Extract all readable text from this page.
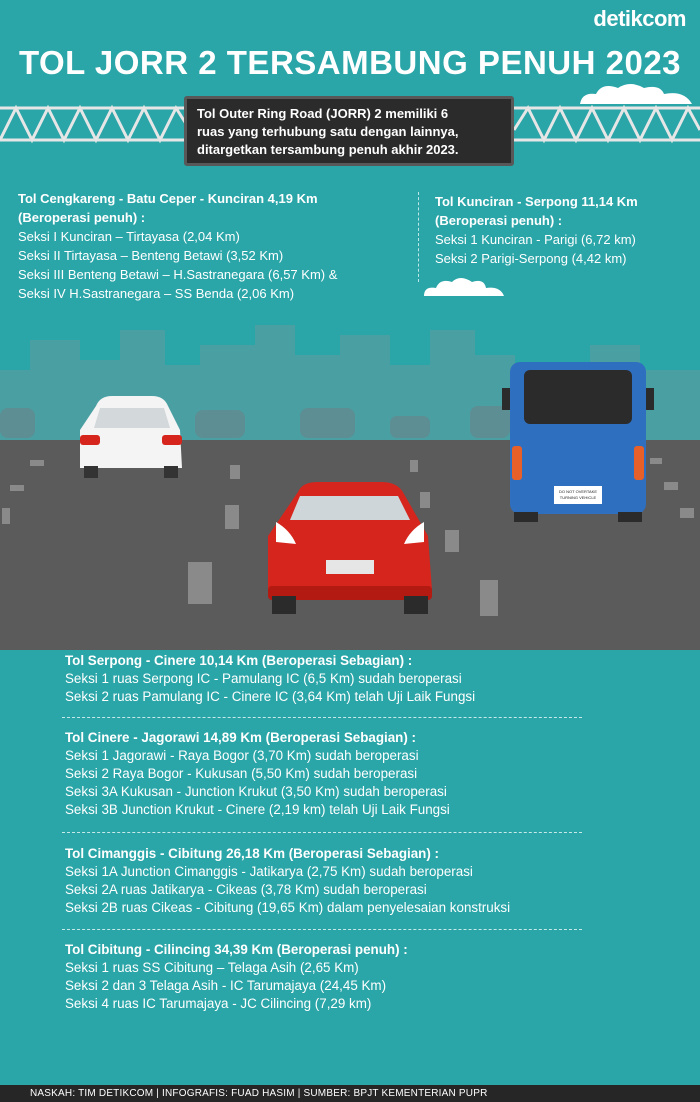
detikcom
TOL JORR 2 TERSAMBUNG PENUH 2023
Tol Outer Ring Road (JORR) 2 memiliki 6
ruas yang terhubung satu dengan lainnya,
ditargetkan tersambung penuh akhir 2023.
Tol Cengkareng - Batu Ceper - Kunciran 4,19 Km
(Beroperasi penuh) :
Seksi I Kunciran – Tirtayasa (2,04 Km)
Seksi II Tirtayasa – Benteng Betawi (3,52 Km)
Seksi III Benteng Betawi – H.Sastranegara (6,57 Km) &
Seksi IV H.Sastranegara – SS Benda (2,06 Km)
Tol Kunciran - Serpong 11,14 Km
(Beroperasi penuh) :
Seksi 1 Kunciran - Parigi (6,72 km)
Seksi 2 Parigi-Serpong (4,42 km)
DO NOT OVERTAKE
TURNING VEHICLE
Tol Serpong - Cinere 10,14 Km (Beroperasi Sebagian) :
Seksi 1 ruas Serpong IC - Pamulang IC (6,5 Km) sudah beroperasi
Seksi 2 ruas Pamulang IC - Cinere IC (3,64 Km) telah Uji Laik Fungsi
Tol Cinere - Jagorawi 14,89 Km (Beroperasi Sebagian) :
Seksi 1 Jagorawi - Raya Bogor (3,70 Km) sudah beroperasi
Seksi 2 Raya Bogor - Kukusan (5,50 Km) sudah beroperasi
Seksi 3A Kukusan - Junction Krukut (3,50 Km) sudah beroperasi
Seksi 3B Junction Krukut - Cinere (2,19 km) telah Uji Laik Fungsi
Tol Cimanggis - Cibitung 26,18 Km (Beroperasi Sebagian) :
Seksi 1A Junction Cimanggis - Jatikarya (2,75 Km) sudah beroperasi
Seksi 2A ruas Jatikarya - Cikeas (3,78 Km) sudah beroperasi
Seksi 2B ruas Cikeas - Cibitung (19,65 Km) dalam penyelesaian konstruksi
Tol Cibitung - Cilincing 34,39 Km (Beroperasi penuh) :
Seksi 1 ruas SS Cibitung – Telaga Asih (2,65 Km)
Seksi 2 dan 3 Telaga Asih - IC Tarumajaya (24,45 Km)
Seksi 4 ruas IC Tarumajaya - JC Cilincing (7,29 km)
NASKAH: TIM DETIKCOM | INFOGRAFIS: FUAD HASIM | SUMBER: BPJT KEMENTERIAN PUPR
